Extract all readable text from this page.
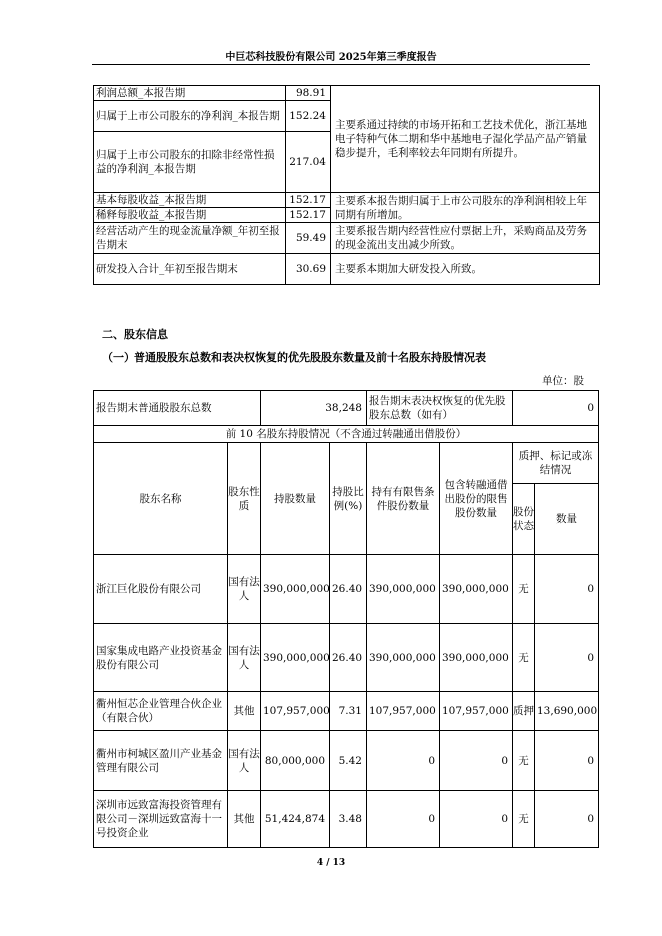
中巨芯科技股份有限公司 2025年第三季度报告
利润总额_本报告期	98.91	主要系通过持续的市场开拓和工艺技术优化，浙江基地电子特种气体二期和华中基地电子湿化学品产品产销量稳步提升，毛利率较去年同期有所提升。
归属于上市公司股东的净利润_本报告期	152.24	
归属于上市公司股东的扣除非经常性损益的净利润_本报告期	217.04	
基本每股收益_本报告期	152.17	主要系本报告期归属于上市公司股东的净利润相较上年同期有所增加。
稀释每股收益_本报告期	152.17	
经营活动产生的现金流量净额_年初至报告期末	59.49	主要系报告期内经营性应付票据上升，采购商品及劳务的现金流出支出减少所致。
研发投入合计_年初至报告期末	30.69	主要系本期加大研发投入所致。
二、股东信息
（一）普通股股东总数和表决权恢复的优先股股东数量及前十名股东持股情况表
单位：股
报告期末普通股股东总数		38,248		报告期末表决权恢复的优先股股东总数（如有）		0	
前 10 名股东持股情况（不含通过转融通出借股份）							
股东名称	股东性质	持股数量	持股比例(%)	持有有限售条件股份数量	包含转融通借出股份的限售股份数量	质押、标记或冻结情况	
						股份状态	数量
浙江巨化股份有限公司	国有法人	390,000,000	26.40	390,000,000	390,000,000	无	0
国家集成电路产业投资基金股份有限公司	国有法人	390,000,000	26.40	390,000,000	390,000,000	无	0
衢州恒芯企业管理合伙企业（有限合伙）	其他	107,957,000	7.31	107,957,000	107,957,000	质押	13,690,000
衢州市柯城区盈川产业基金管理有限公司	国有法人	80,000,000	5.42	0	0	无	0
深圳市远致富海投资管理有限公司－深圳远致富海十一号投资企业	其他	51,424,874	3.48	0	0	无	0
4 / 13
